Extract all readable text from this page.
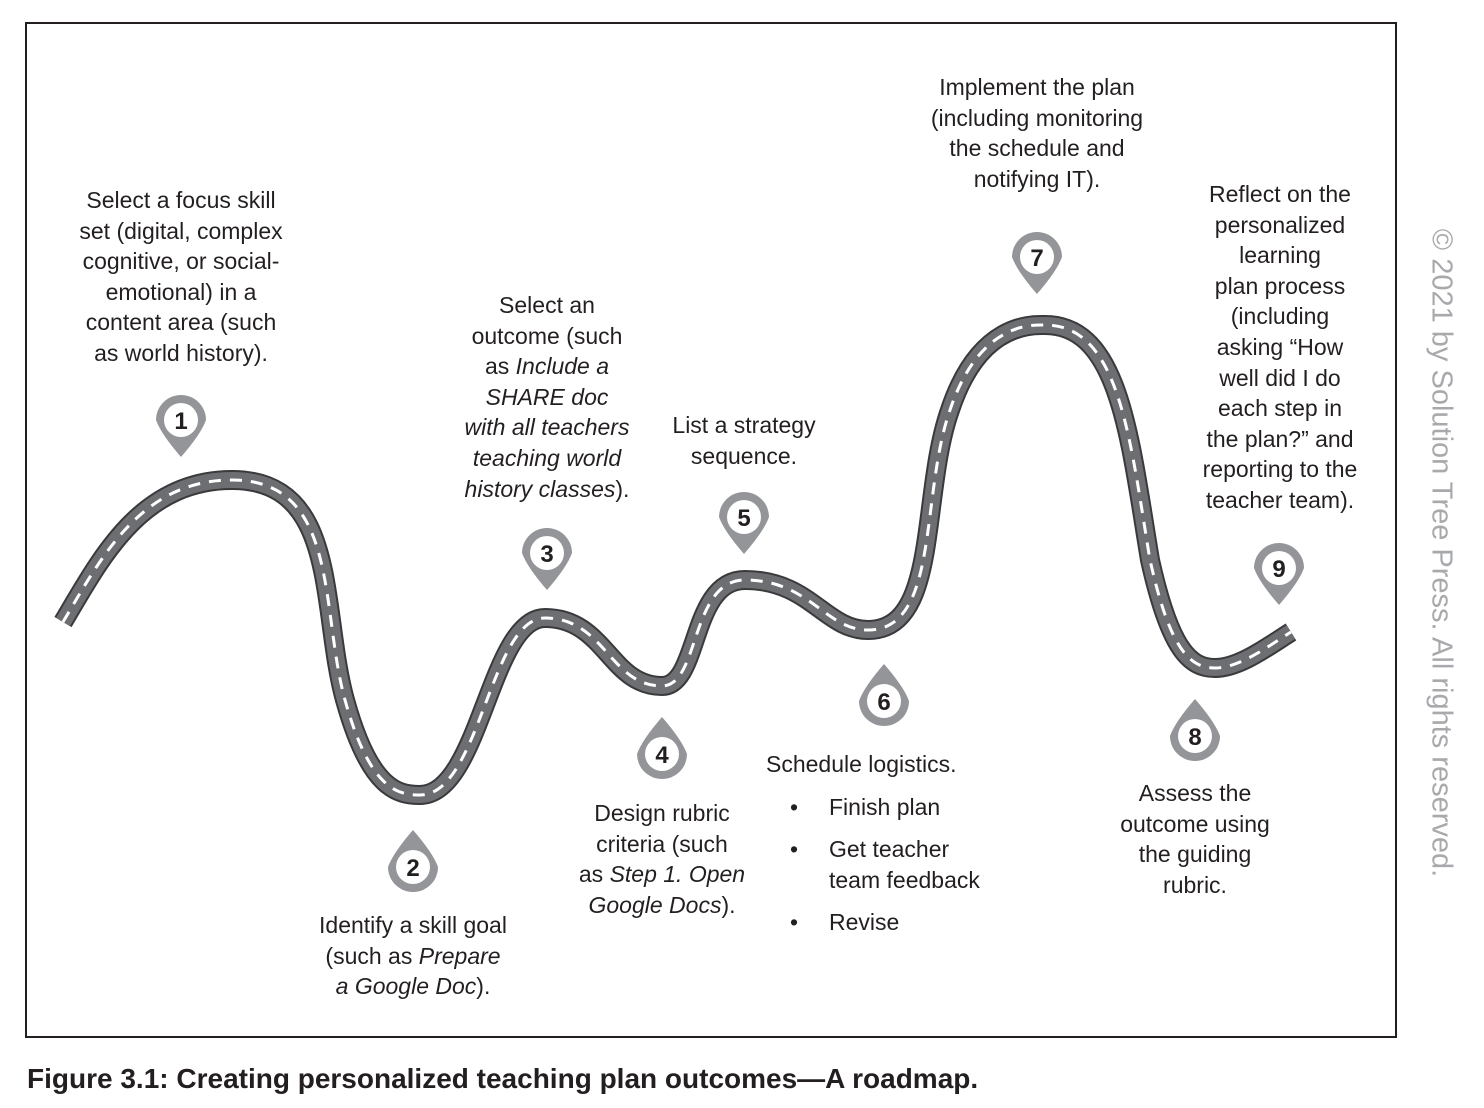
1
3
5
7
9
2
4
6
8
Select a focus skill
set (digital, complex
cognitive, or social-
emotional) in a
content area (such
as world history).
Identify a skill goal
(such as Prepare
a Google Doc).
Select an
outcome (such
as Include a
SHARE doc
with all teachers
teaching world
history classes).
Design rubric
criteria (such
as Step 1. Open
Google Docs).
List a strategy
sequence.
Schedule logistics.
• Finish plan
• Get teacher
team feedback
• Revise
Implement the plan
(including monitoring
the schedule and
notifying IT).
Assess the
outcome using
the guiding
rubric.
Reflect on the
personalized
learning
plan process
(including
asking “How
well did I do
each step in
the plan?” and
reporting to the
teacher team).	© 2021 by Solution Tree Press. All rights reserved.
Figure 3.1: Creating personalized teaching plan outcomes—A roadmap.
